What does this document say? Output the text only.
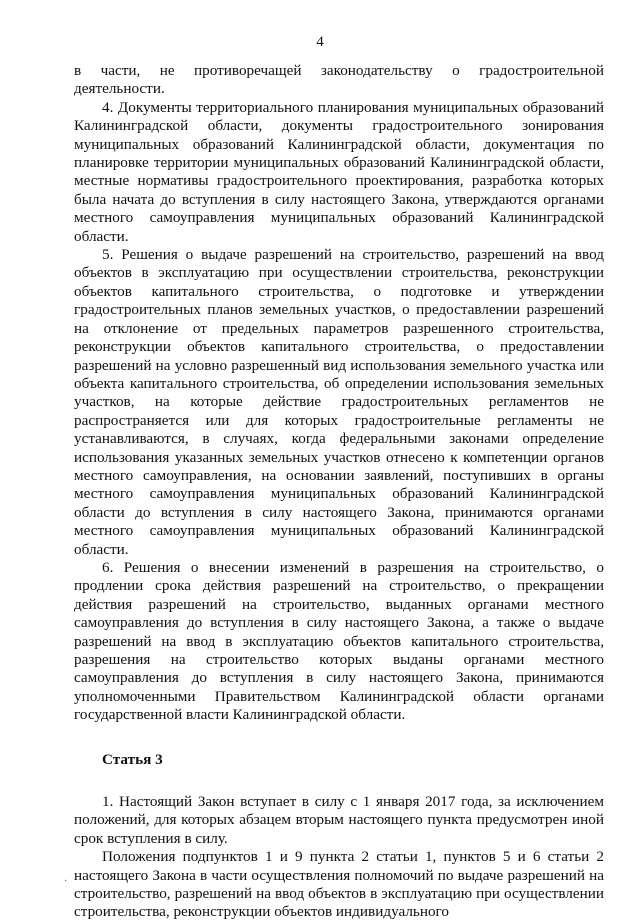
4

в части, не противоречащей законодательству о градостроительной деятельности.

4. Документы территориального планирования муниципальных образований Калининградской области, документы градостроительного зонирования муниципальных образований Калининградской области, документация по планировке территории муниципальных образований Калининградской области, местные нормативы градостроительного проектирования, разработка которых была начата до вступления в силу настоящего Закона, утверждаются органами местного самоуправления муниципальных образований Калининградской области.

5. Решения о выдаче разрешений на строительство, разрешений на ввод объектов в эксплуатацию при осуществлении строительства, реконструкции объектов капитального строительства, о подготовке и утверждении градостроительных планов земельных участков, о предоставлении разрешений на отклонение от предельных параметров разрешенного строительства, реконструкции объектов капитального строительства, о предоставлении разрешений на условно разрешенный вид использования земельного участка или объекта капитального строительства, об определении использования земельных участков, на которые действие градостроительных регламентов не распространяется или для которых градостроительные регламенты не устанавливаются, в случаях, когда федеральными законами определение использования указанных земельных участков отнесено к компетенции органов местного самоуправления, на основании заявлений, поступивших в органы местного самоуправления муниципальных образований Калининградской области до вступления в силу настоящего Закона, принимаются органами местного самоуправления муниципальных образований Калининградской области.

6. Решения о внесении изменений в разрешения на строительство, о продлении срока действия разрешений на строительство, о прекращении действия разрешений на строительство, выданных органами местного самоуправления до вступления в силу настоящего Закона, а также о выдаче разрешений на ввод в эксплуатацию объектов капитального строительства, разрешения на строительство которых выданы органами местного самоуправления до вступления в силу настоящего Закона, принимаются уполномоченными Правительством Калининградской области органами государственной власти Калининградской области.

Статья 3

1. Настоящий Закон вступает в силу с 1 января 2017 года, за исключением положений, для которых абзацем вторым настоящего пункта предусмотрен иной срок вступления в силу.

Положения подпунктов 1 и 9 пункта 2 статьи 1, пунктов 5 и 6 статьи 2 настоящего Закона в части осуществления полномочий по выдаче разрешений на строительство, разрешений на ввод объектов в эксплуатацию при осуществлении строительства, реконструкции объектов индивидуального

·
